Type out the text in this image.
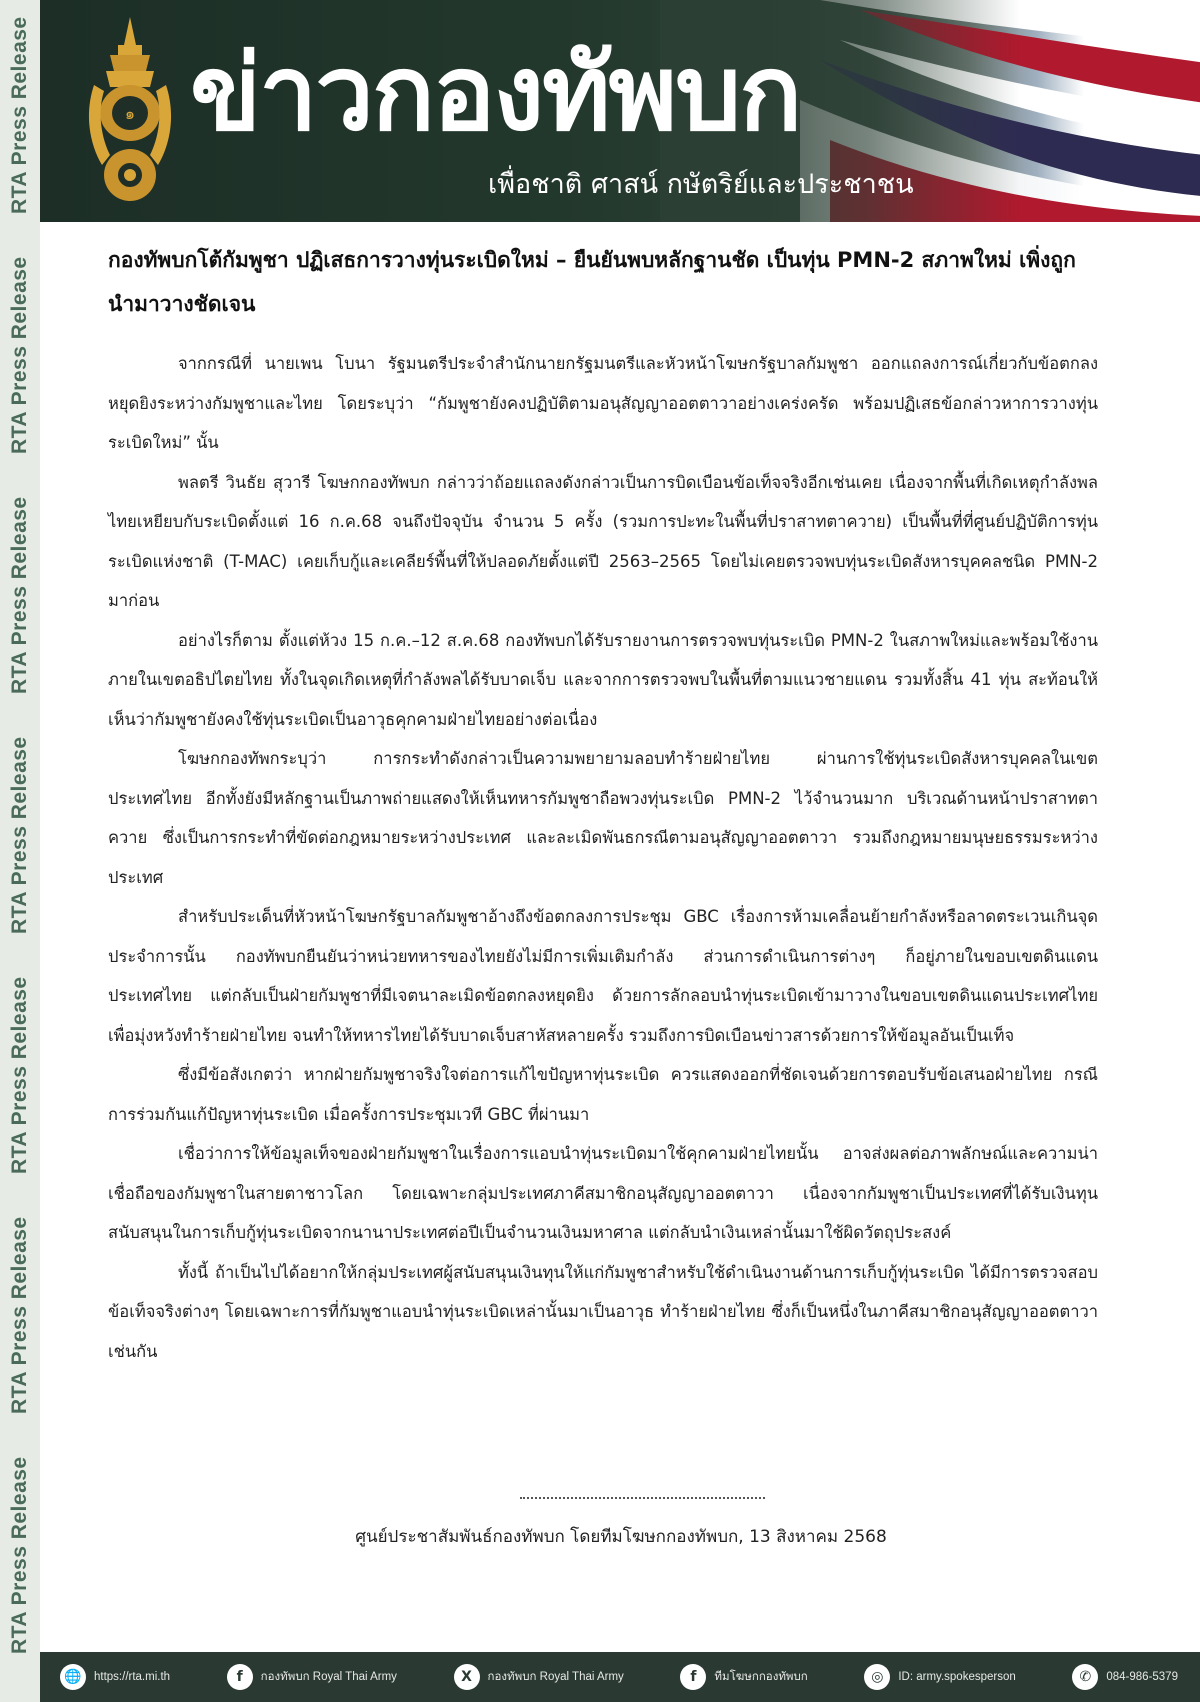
RTA Press Release
RTA Press Release
RTA Press Release
RTA Press Release
RTA Press Release
RTA Press Release
RTA Press Release
๑ ข่าวกองทัพบก
เพื่อชาติ ศาสน์ กษัตริย์และประชาชน
กองทัพบกโต้กัมพูชา ปฏิเสธการวางทุ่นระเบิดใหม่ – ยืนยันพบหลักฐานชัด เป็นทุ่น PMN-2 สภาพใหม่ เพิ่งถูกนำมาวางชัดเจน

จากกรณีที่ นายเพน โบนา รัฐมนตรีประจำสำนักนายกรัฐมนตรีและหัวหน้าโฆษกรัฐบาลกัมพูชา ออกแถลงการณ์เกี่ยวกับข้อตกลงหยุดยิงระหว่างกัมพูชาและไทย โดยระบุว่า “กัมพูชายังคงปฏิบัติตามอนุสัญญาออตตาวาอย่างเคร่งครัด พร้อมปฏิเสธข้อกล่าวหาการวางทุ่นระเบิดใหม่” นั้น

พลตรี วินธัย สุวารี โฆษกกองทัพบก กล่าวว่าถ้อยแถลงดังกล่าวเป็นการบิดเบือนข้อเท็จจริงอีกเช่นเคย เนื่องจากพื้นที่เกิดเหตุกำลังพลไทยเหยียบกับระเบิดตั้งแต่ 16 ก.ค.68 จนถึงปัจจุบัน จำนวน 5 ครั้ง (รวมการปะทะในพื้นที่ปราสาทตาควาย) เป็นพื้นที่ที่ศูนย์ปฏิบัติการทุ่นระเบิดแห่งชาติ (T-MAC) เคยเก็บกู้และเคลียร์พื้นที่ให้ปลอดภัยตั้งแต่ปี 2563–2565 โดยไม่เคยตรวจพบทุ่นระเบิดสังหารบุคคลชนิด PMN-2 มาก่อน

อย่างไรก็ตาม ตั้งแต่ห้วง 15 ก.ค.–12 ส.ค.68 กองทัพบกได้รับรายงานการตรวจพบทุ่นระเบิด PMN-2 ในสภาพใหม่และพร้อมใช้งาน ภายในเขตอธิปไตยไทย ทั้งในจุดเกิดเหตุที่กำลังพลได้รับบาดเจ็บ และจากการตรวจพบในพื้นที่ตามแนวชายแดน รวมทั้งสิ้น 41 ทุ่น สะท้อนให้เห็นว่ากัมพูชายังคงใช้ทุ่นระเบิดเป็นอาวุธคุกคามฝ่ายไทยอย่างต่อเนื่อง

โฆษกกองทัพกระบุว่า การกระทำดังกล่าวเป็นความพยายามลอบทำร้ายฝ่ายไทย ผ่านการใช้ทุ่นระเบิดสังหารบุคคลในเขตประเทศไทย อีกทั้งยังมีหลักฐานเป็นภาพถ่ายแสดงให้เห็นทหารกัมพูชาถือพวงทุ่นระเบิด PMN-2 ไว้จำนวนมาก บริเวณด้านหน้าปราสาทตาควาย ซึ่งเป็นการกระทำที่ขัดต่อกฎหมายระหว่างประเทศ และละเมิดพันธกรณีตามอนุสัญญาออตตาวา รวมถึงกฎหมายมนุษยธรรมระหว่างประเทศ

สำหรับประเด็นที่หัวหน้าโฆษกรัฐบาลกัมพูชาอ้างถึงข้อตกลงการประชุม GBC เรื่องการห้ามเคลื่อนย้ายกำลังหรือลาดตระเวนเกินจุดประจำการนั้น กองทัพบกยืนยันว่าหน่วยทหารของไทยยังไม่มีการเพิ่มเติมกำลัง ส่วนการดำเนินการต่างๆ ก็อยู่ภายในขอบเขตดินแดนประเทศไทย แต่กลับเป็นฝ่ายกัมพูชาที่มีเจตนาละเมิดข้อตกลงหยุดยิง ด้วยการลักลอบนำทุ่นระเบิดเข้ามาวางในขอบเขตดินแดนประเทศไทย เพื่อมุ่งหวังทำร้ายฝ่ายไทย จนทำให้ทหารไทยได้รับบาดเจ็บสาหัสหลายครั้ง รวมถึงการบิดเบือนข่าวสารด้วยการให้ข้อมูลอันเป็นเท็จ

ซึ่งมีข้อสังเกตว่า หากฝ่ายกัมพูชาจริงใจต่อการแก้ไขปัญหาทุ่นระเบิด ควรแสดงออกที่ชัดเจนด้วยการตอบรับข้อเสนอฝ่ายไทย กรณีการร่วมกันแก้ปัญหาทุ่นระเบิด เมื่อครั้งการประชุมเวที GBC ที่ผ่านมา

เชื่อว่าการให้ข้อมูลเท็จของฝ่ายกัมพูชาในเรื่องการแอบนำทุ่นระเบิดมาใช้คุกคามฝ่ายไทยนั้น อาจส่งผลต่อภาพลักษณ์และความน่าเชื่อถือของกัมพูชาในสายตาชาวโลก โดยเฉพาะกลุ่มประเทศภาคีสมาชิกอนุสัญญาออตตาวา เนื่องจากกัมพูชาเป็นประเทศที่ได้รับเงินทุนสนับสนุนในการเก็บกู้ทุ่นระเบิดจากนานาประเทศต่อปีเป็นจำนวนเงินมหาศาล แต่กลับนำเงินเหล่านั้นมาใช้ผิดวัตถุประสงค์

ทั้งนี้ ถ้าเป็นไปได้อยากให้กลุ่มประเทศผู้สนับสนุนเงินทุนให้แก่กัมพูชาสำหรับใช้ดำเนินงานด้านการเก็บกู้ทุ่นระเบิด ได้มีการตรวจสอบข้อเท็จจริงต่างๆ โดยเฉพาะการที่กัมพูชาแอบนำทุ่นระเบิดเหล่านั้นมาเป็นอาวุธ ทำร้ายฝ่ายไทย ซึ่งก็เป็นหนึ่งในภาคีสมาชิกอนุสัญญาออตตาวาเช่นกัน

ศูนย์ประชาสัมพันธ์กองทัพบก โดยทีมโฆษกกองทัพบก, 13 สิงหาคม 2568
🌐	https://rta.mi.th	f	กองทัพบก Royal Thai Army	X	กองทัพบก Royal Thai Army	f	ทีมโฆษกกองทัพบก	◎	ID: army.spokesperson	✆	084-986-5379
